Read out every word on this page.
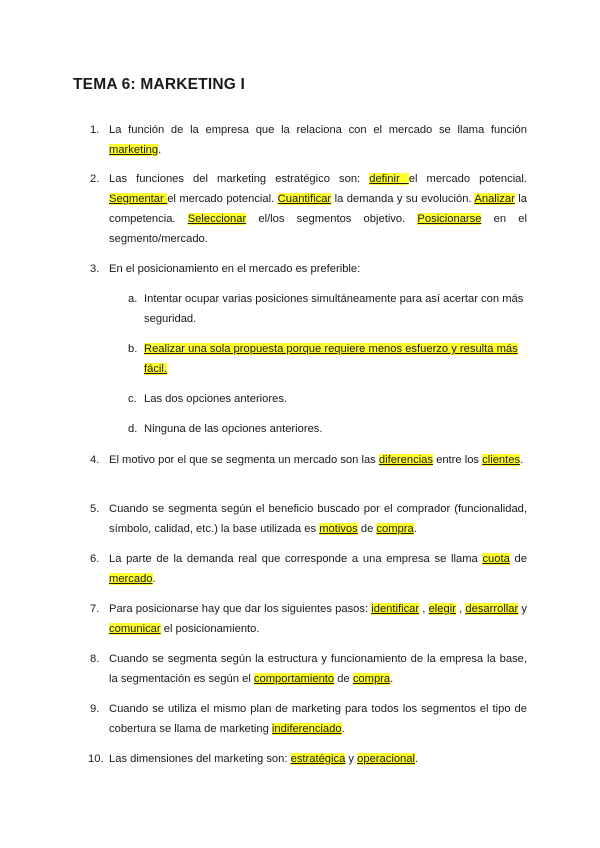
TEMA 6: MARKETING I
1. La función de la empresa que la relaciona con el mercado se llama función marketing.
2. Las funciones del marketing estratégico son: definir el mercado potencial. Segmentar el mercado potencial. Cuantificar la demanda y su evolución. Analizar la competencia. Seleccionar el/los segmentos objetivo. Posicionarse en el segmento/mercado.
3. En el posicionamiento en el mercado es preferible:
a. Intentar ocupar varias posiciones simultáneamente para así acertar con más seguridad.
b. Realizar una sola propuesta porque requiere menos esfuerzo y resulta más fácil.
c. Las dos opciones anteriores.
d. Ninguna de las opciones anteriores.
4. El motivo por el que se segmenta un mercado son las diferencias entre los clientes.
5. Cuando se segmenta según el beneficio buscado por el comprador (funcionalidad, símbolo, calidad, etc.) la base utilizada es motivos de compra.
6. La parte de la demanda real que corresponde a una empresa se llama cuota de mercado.
7. Para posicionarse hay que dar los siguientes pasos: identificar , elegir , desarrollar y comunicar el posicionamiento.
8. Cuando se segmenta según la estructura y funcionamiento de la empresa la base, la segmentación es según el comportamiento de compra.
9. Cuando se utiliza el mismo plan de marketing para todos los segmentos el tipo de cobertura se llama de marketing indiferenciado.
10. Las dimensiones del marketing son: estratégica y operacional.
